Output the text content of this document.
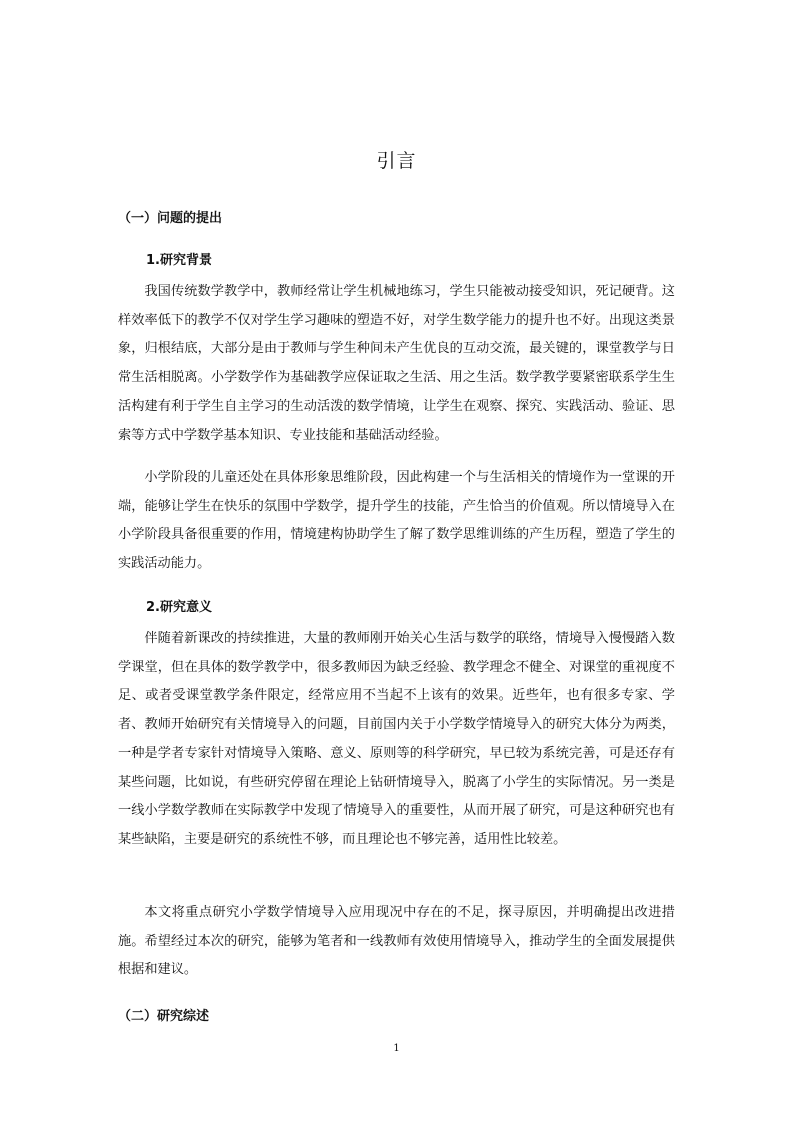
引言
（一）问题的提出
1.研究背景

我国传统数学教学中，教师经常让学生机械地练习，学生只能被动接受知识，死记硬背。这样效率低下的教学不仅对学生学习趣味的塑造不好，对学生数学能力的提升也不好。出现这类景象，归根结底，大部分是由于教师与学生种间未产生优良的互动交流，最关键的，课堂教学与日常生活相脱离。小学数学作为基础教学应保证取之生活、用之生活。数学教学要紧密联系学生生活构建有利于学生自主学习的生动活泼的数学情境，让学生在观察、探究、实践活动、验证、思索等方式中学数学基本知识、专业技能和基础活动经验。

小学阶段的儿童还处在具体形象思维阶段，因此构建一个与生活相关的情境作为一堂课的开端，能够让学生在快乐的氛围中学数学，提升学生的技能，产生恰当的价值观。所以情境导入在小学阶段具备很重要的作用，情境建构协助学生了解了数学思维训练的产生历程，塑造了学生的实践活动能力。

2.研究意义

伴随着新课改的持续推进，大量的教师刚开始关心生活与数学的联络，情境导入慢慢踏入数学课堂，但在具体的数学教学中，很多教师因为缺乏经验、教学理念不健全、对课堂的重视度不足、或者受课堂教学条件限定，经常应用不当起不上该有的效果。近些年，也有很多专家、学者、教师开始研究有关情境导入的问题，目前国内关于小学数学情境导入的研究大体分为两类，一种是学者专家针对情境导入策略、意义、原则等的科学研究，早已较为系统完善，可是还存有某些问题，比如说，有些研究停留在理论上钻研情境导入，脱离了小学生的实际情况。另一类是一线小学数学教师在实际教学中发现了情境导入的重要性，从而开展了研究，可是这种研究也有某些缺陷，主要是研究的系统性不够，而且理论也不够完善，适用性比较差。

本文将重点研究小学数学情境导入应用现况中存在的不足，探寻原因，并明确提出改进措施。希望经过本次的研究，能够为笔者和一线教师有效使用情境导入，推动学生的全面发展提供根据和建议。

（二）研究综述
1
